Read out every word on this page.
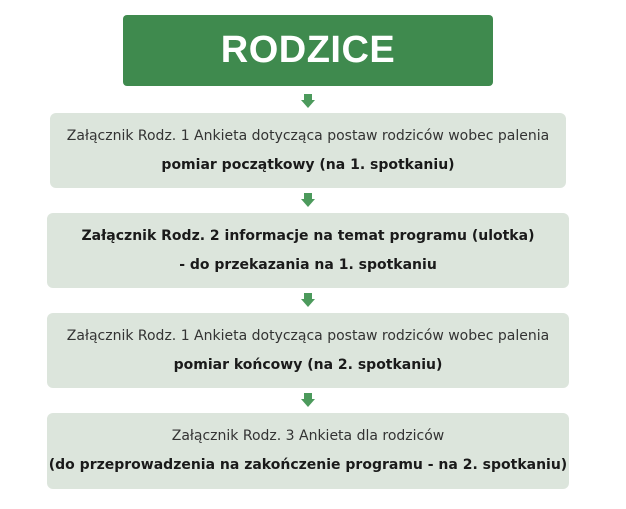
RODZICE
Załącznik Rodz. 1 Ankieta dotycząca postaw rodziców wobec palenia
pomiar początkowy (na 1. spotkaniu)
Załącznik Rodz. 2 informacje na temat programu (ulotka)
- do przekazania na 1. spotkaniu
Załącznik Rodz. 1 Ankieta dotycząca postaw rodziców wobec palenia
pomiar końcowy (na 2. spotkaniu)
Załącznik Rodz. 3 Ankieta dla rodziców
(do przeprowadzenia na zakończenie programu - na 2. spotkaniu)
